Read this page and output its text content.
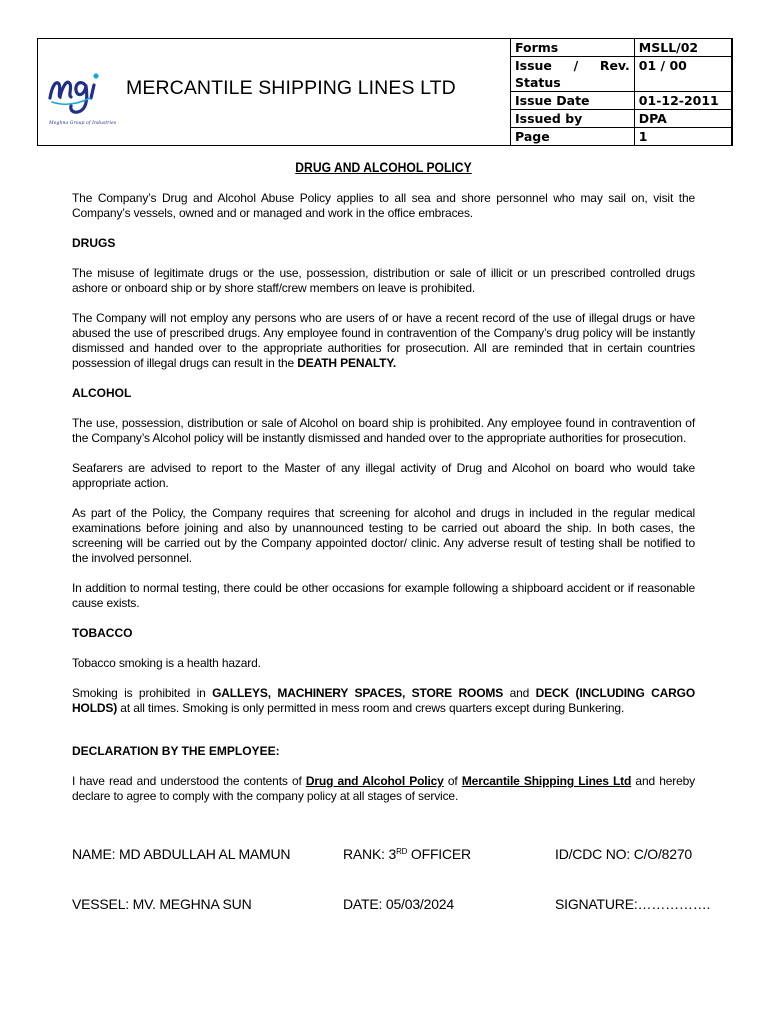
Meghna Group of Industries
MERCANTILE SHIPPING LINES LTD
Forms	MSLL/02

Issue / Rev.
Status	01 / 00
Issue Date	01-12-2011
Issued by	DPA
Page	1
DRUG AND ALCOHOL POLICY

The Company’s Drug and Alcohol Abuse Policy applies to all sea and shore personnel who may sail on, visit the Company’s vessels, owned and or managed and work in the office embraces.

DRUGS

The misuse of legitimate drugs or the use, possession, distribution or sale of illicit or un prescribed controlled drugs ashore or onboard ship or by shore staff/crew members on leave is prohibited.

The Company will not employ any persons who are users of or have a recent record of the use of illegal drugs or have abused the use of prescribed drugs. Any employee found in contravention of the Company’s drug policy will be instantly dismissed and handed over to the appropriate authorities for prosecution. All are reminded that in certain countries possession of illegal drugs can result in the DEATH PENALTY.

ALCOHOL

The use, possession, distribution or sale of Alcohol on board ship is prohibited. Any employee found in contravention of the Company’s Alcohol policy will be instantly dismissed and handed over to the appropriate authorities for prosecution.

Seafarers are advised to report to the Master of any illegal activity of Drug and Alcohol on board who would take appropriate action.

As part of the Policy, the Company requires that screening for alcohol and drugs in included in the regular medical examinations before joining and also by unannounced testing to be carried out aboard the ship. In both cases, the screening will be carried out by the Company appointed doctor/ clinic. Any adverse result of testing shall be notified to the involved personnel.

In addition to normal testing, there could be other occasions for example following a shipboard accident or if reasonable cause exists.

TOBACCO

Tobacco smoking is a health hazard.

Smoking is prohibited in GALLEYS, MACHINERY SPACES, STORE ROOMS and DECK (INCLUDING CARGO HOLDS) at all times. Smoking is only permitted in mess room and crews quarters except during Bunkering.

DECLARATION BY THE EMPLOYEE:

I have read and understood the contents of Drug and Alcohol Policy of Mercantile Shipping Lines Ltd and hereby declare to agree to comply with the company policy at all stages of service.

NAME: MD ABDULLAH AL MAMUN	RANK: 3RD OFFICER	ID/CDC NO: C/O/8270
VESSEL: MV. MEGHNA SUN	DATE: 05/03/2024	SIGNATURE:…………….
